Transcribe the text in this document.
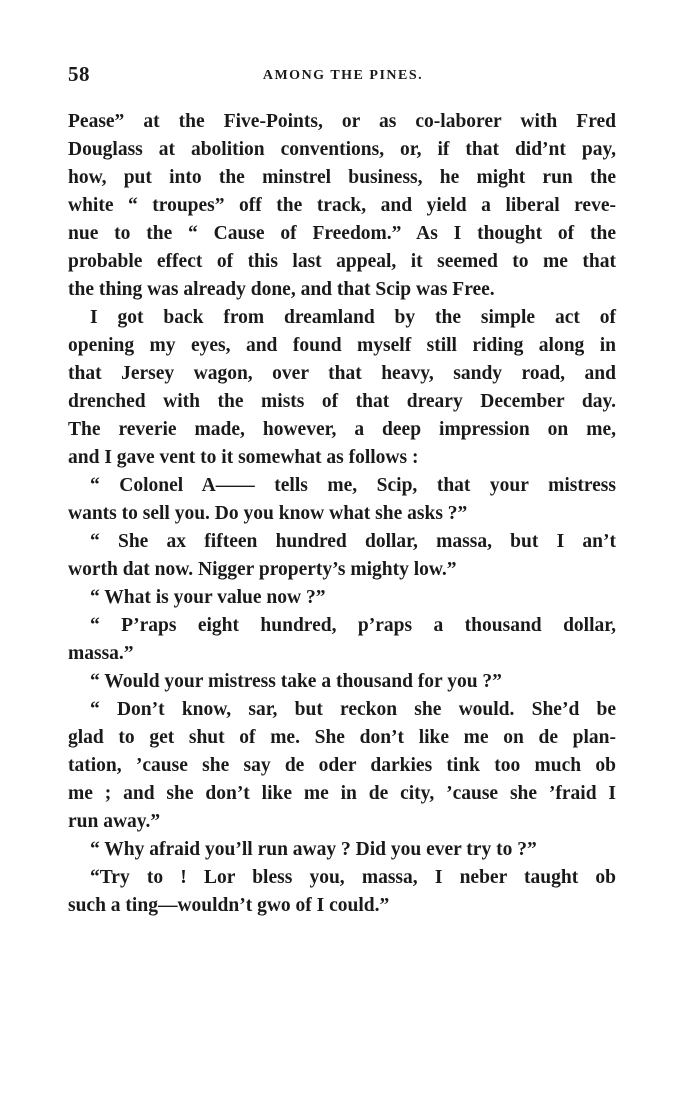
58	AMONG THE PINES.
Pease” at the Five-Points, or as co-laborer with Fred
Douglass at abolition conventions, or, if that did’nt pay,
how, put into the minstrel business, he might run the
white “ troupes” off the track, and yield a liberal reve-
nue to the “ Cause of Freedom.” As I thought of the
probable effect of this last appeal, it seemed to me that
the thing was already done, and that Scip was Free.
I got back from dreamland by the simple act of
opening my eyes, and found myself still riding along in
that Jersey wagon, over that heavy, sandy road, and
drenched with the mists of that dreary December day.
The reverie made, however, a deep impression on me,
and I gave vent to it somewhat as follows :
“ Colonel A—— tells me, Scip, that your mistress
wants to sell you. Do you know what she asks ?”
“ She ax fifteen hundred dollar, massa, but I an’t
worth dat now. Nigger property’s mighty low.”
“ What is your value now ?”
“ P’raps eight hundred, p’raps a thousand dollar,
massa.”
“ Would your mistress take a thousand for you ?”
“ Don’t know, sar, but reckon she would. She’d be
glad to get shut of me. She don’t like me on de plan-
tation, ’cause she say de oder darkies tink too much ob
me ; and she don’t like me in de city, ’cause she ’fraid I
run away.”
“ Why afraid you’ll run away ? Did you ever try to ?”
“Try to ! Lor bless you, massa, I neber taught ob
such a ting—wouldn’t gwo of I could.”
